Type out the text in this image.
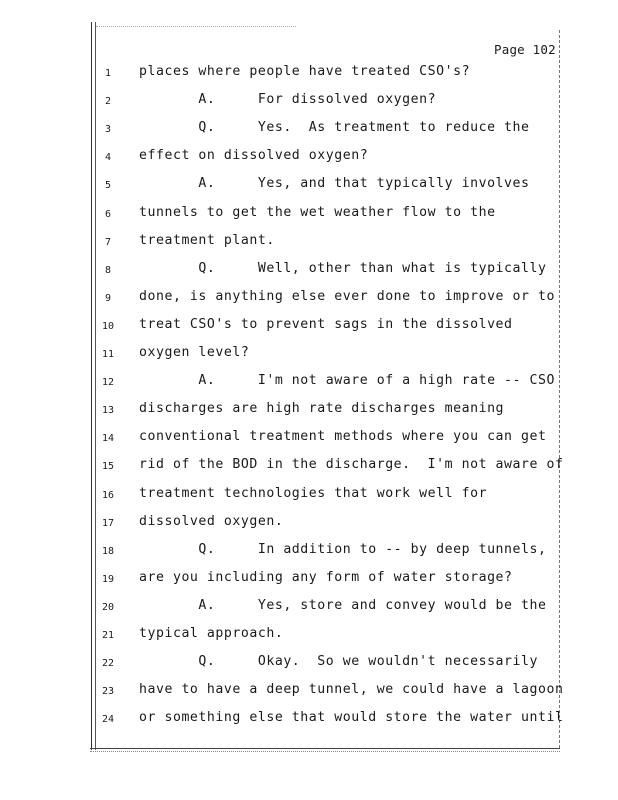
Page 102
1	places where people have treated CSO's?
2	A.     For dissolved oxygen?
3	Q.     Yes.  As treatment to reduce the
4	effect on dissolved oxygen?
5	A.     Yes, and that typically involves
6	tunnels to get the wet weather flow to the
7	treatment plant.
8	Q.     Well, other than what is typically
9	done, is anything else ever done to improve or to
10	treat CSO's to prevent sags in the dissolved
11	oxygen level?
12	A.     I'm not aware of a high rate -- CSO
13	discharges are high rate discharges meaning
14	conventional treatment methods where you can get
15	rid of the BOD in the discharge.  I'm not aware of
16	treatment technologies that work well for
17	dissolved oxygen.
18	Q.     In addition to -- by deep tunnels,
19	are you including any form of water storage?
20	A.     Yes, store and convey would be the
21	typical approach.
22	Q.     Okay.  So we wouldn't necessarily
23	have to have a deep tunnel, we could have a lagoon
24	or something else that would store the water until
